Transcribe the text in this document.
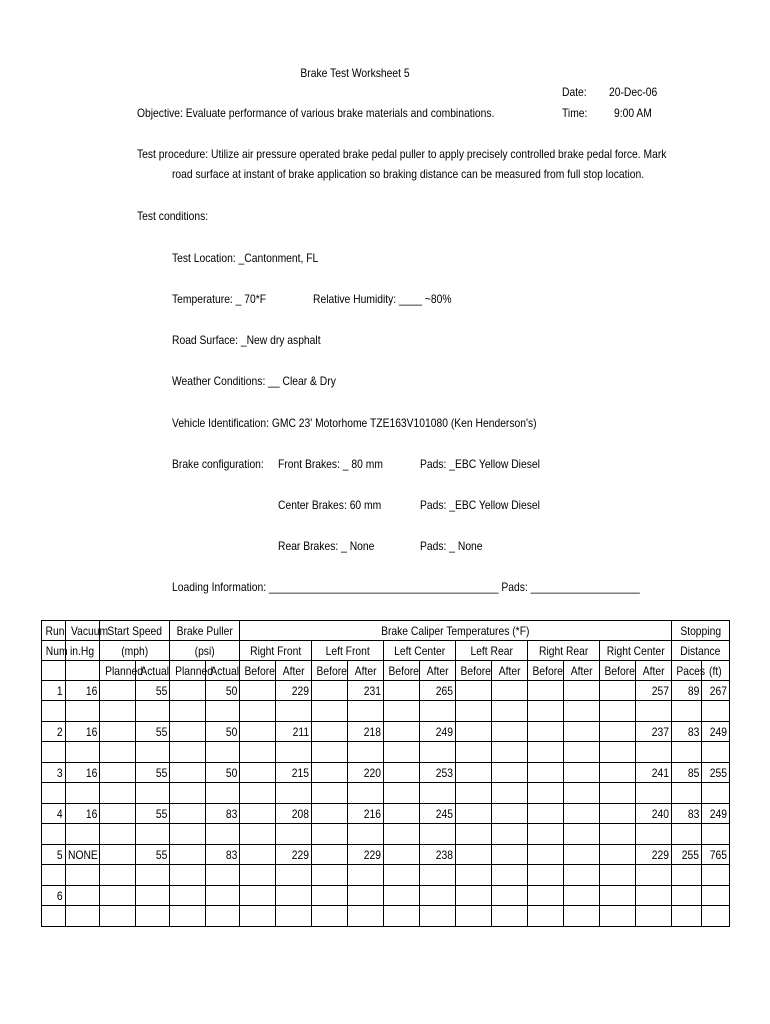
Brake Test Worksheet 5
Date: 20-Dec-06
Time: 9:00 AM
Objective: Evaluate performance of various brake materials and combinations.
Test procedure: Utilize air pressure operated brake pedal puller to apply precisely controlled brake pedal force. Mark
road surface at instant of brake application so braking distance can be measured from full stop location.
Test conditions:
Test Location: _Cantonment, FL
Temperature: _ 70*F	Relative Humidity: ____ ~80%
Road Surface: _New dry asphalt
Weather Conditions: __ Clear & Dry
Vehicle Identification: GMC 23' Motorhome TZE163V101080 (Ken Henderson's)
Brake configuration: Front Brakes: _ 80 mm	Pads: _EBC Yellow Diesel
Center Brakes: 60 mm	Pads: _EBC Yellow Diesel
Rear Brakes: _ None	Pads: _ None
Loading Information: ________________________________________ Pads: ___________________
Run	Vacuum	Start Speed		Brake Puller		Brake Caliper Temperatures (*F)												Stopping	
Num	in.Hg	(mph)		(psi)		Right Front		Left Front		Left Center		Left Rear		Right Rear		Right Center		Distance	
		Planned	Actual	Planned	Actual	Before	After	Before	After	Before	After	Before	After	Before	After	Before	After	Paces	(ft)
1	16		55		50		229		231		265						257	89	267

2	16		55		50		211		218		249						237	83	249

3	16		55		50		215		220		253						241	85	255

4	16		55		83		208		216		245						240	83	249

5	NONE		55		83		229		229		238						229	255	765

6																			
